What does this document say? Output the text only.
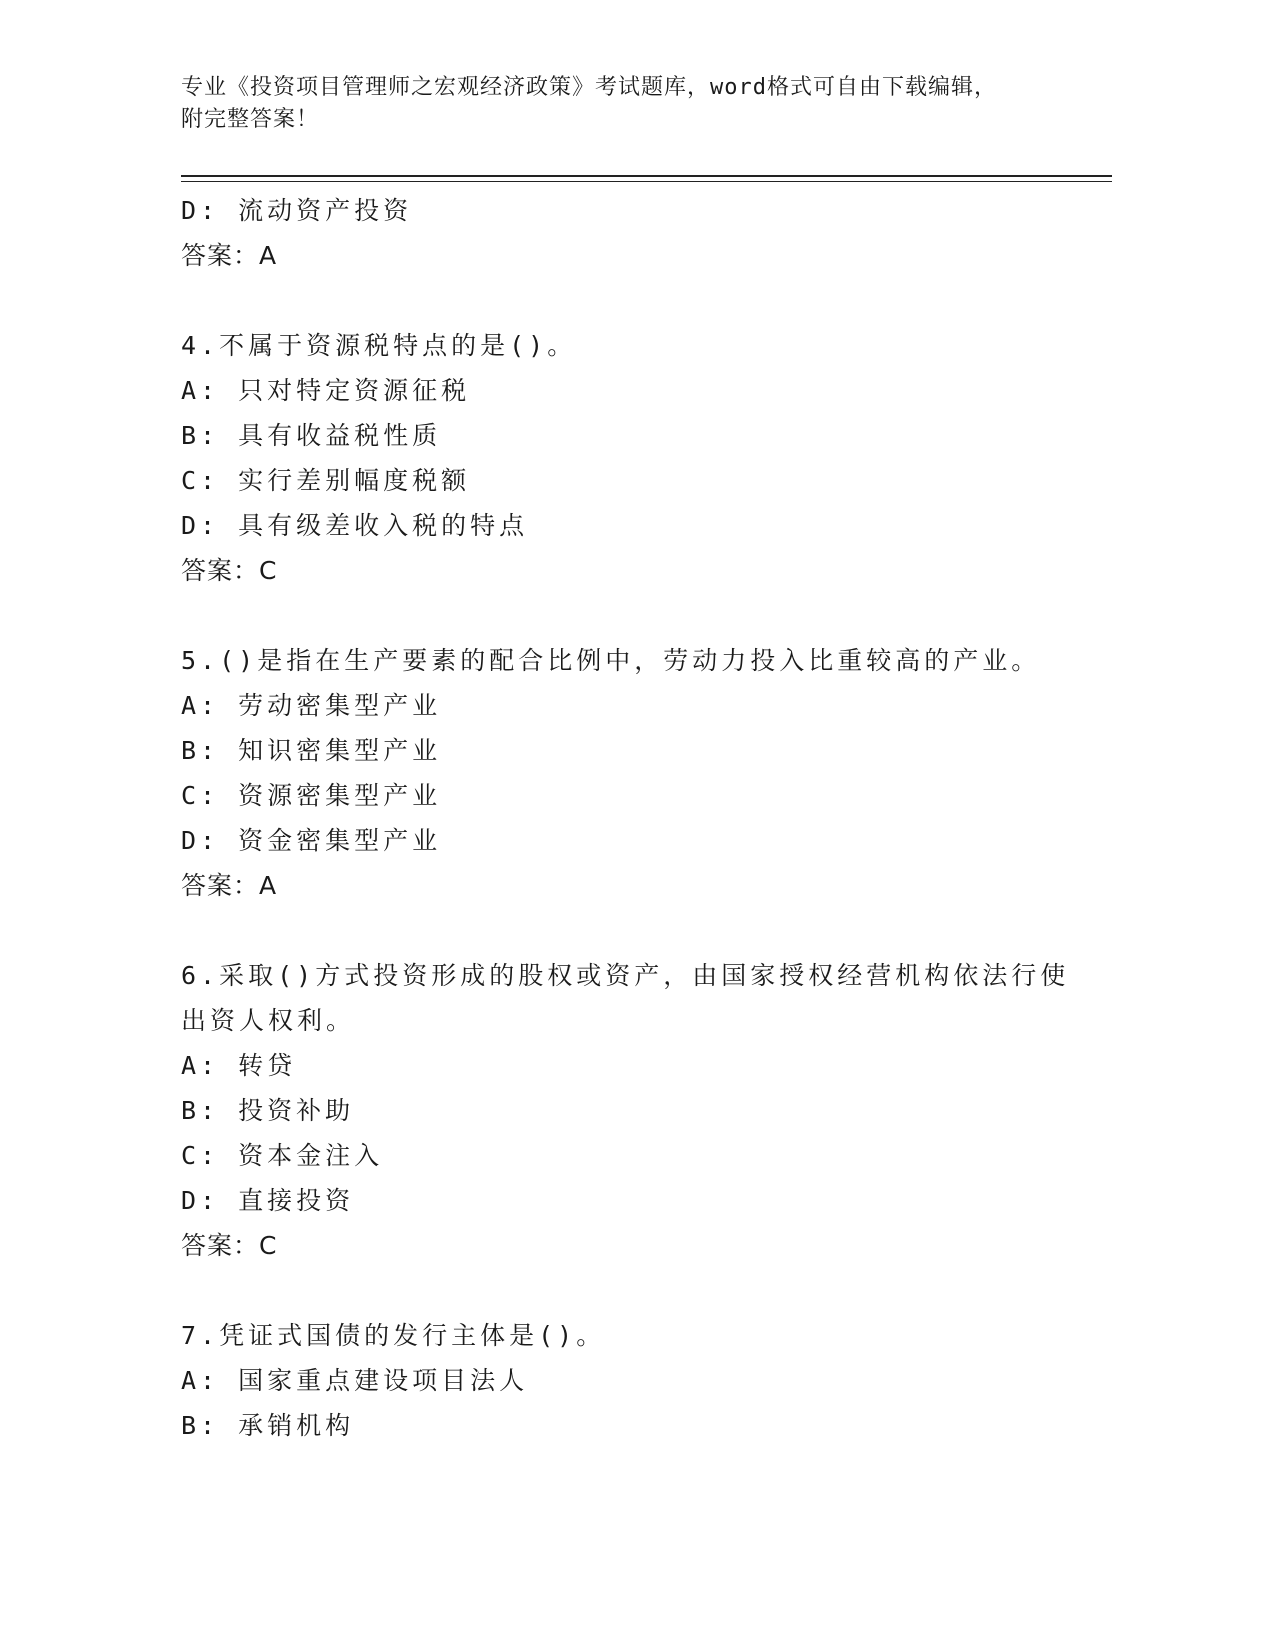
专业《投资项目管理师之宏观经济政策》考试题库，word格式可自由下载编辑，
附完整答案！
D: 流动资产投资
答案：A
4.不属于资源税特点的是()。
A: 只对特定资源征税
B: 具有收益税性质
C: 实行差别幅度税额
D: 具有级差收入税的特点
答案：C
5.()是指在生产要素的配合比例中，劳动力投入比重较高的产业。
A: 劳动密集型产业
B: 知识密集型产业
C: 资源密集型产业
D: 资金密集型产业
答案：A
6.采取()方式投资形成的股权或资产，由国家授权经营机构依法行使
出资人权利。
A: 转贷
B: 投资补助
C: 资本金注入
D: 直接投资
答案：C
7.凭证式国债的发行主体是()。
A: 国家重点建设项目法人
B: 承销机构
